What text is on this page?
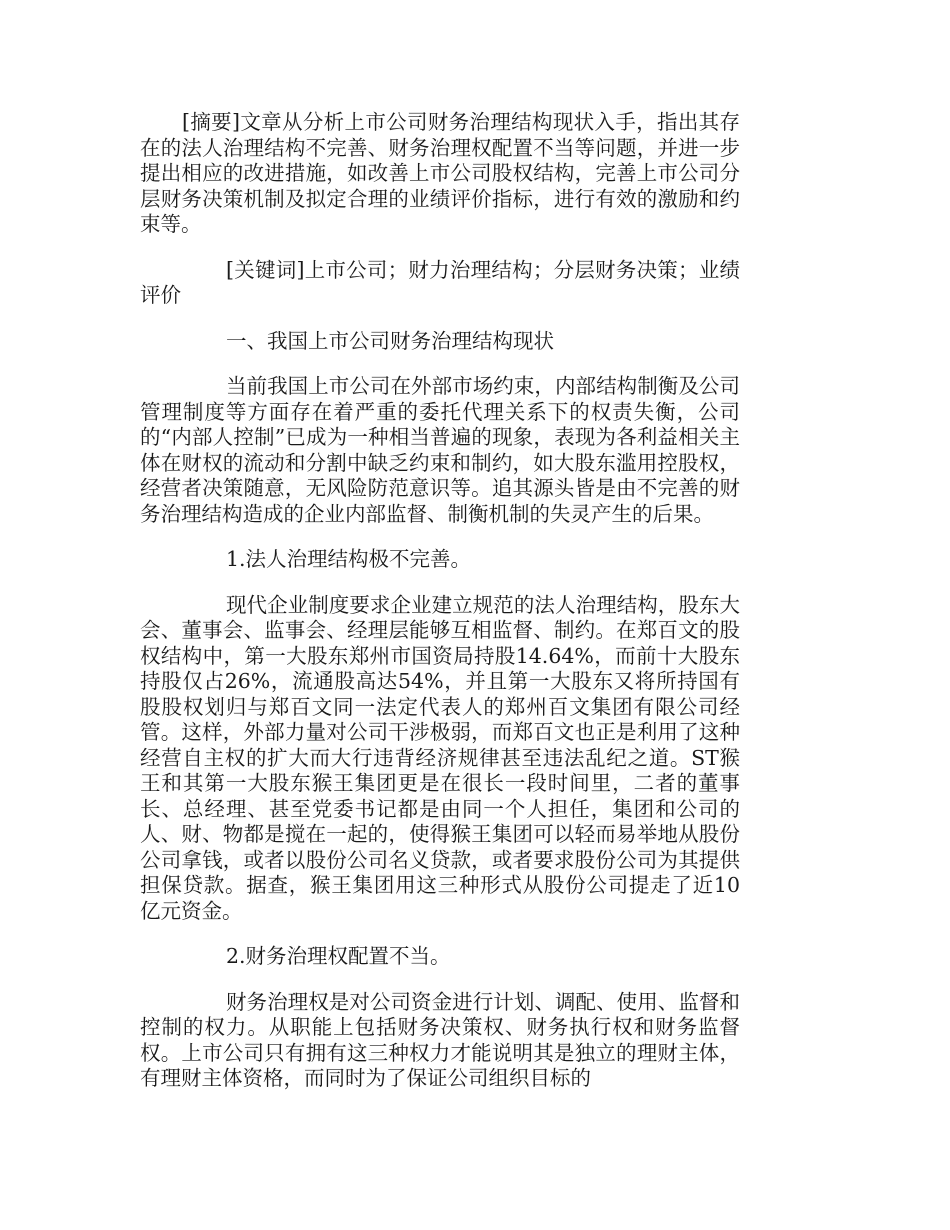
[摘要]文章从分析上市公司财务治理结构现状入手，指出其存在的法人治理结构不完善、财务治理权配置不当等问题，并进一步提出相应的改进措施，如改善上市公司股权结构，完善上市公司分层财务决策机制及拟定合理的业绩评价指标，进行有效的激励和约束等。

[关键词]上市公司；财力治理结构；分层财务决策；业绩评价

一、我国上市公司财务治理结构现状

当前我国上市公司在外部市场约束，内部结构制衡及公司管理制度等方面存在着严重的委托代理关系下的权责失衡，公司的“内部人控制”已成为一种相当普遍的现象，表现为各利益相关主体在财权的流动和分割中缺乏约束和制约，如大股东滥用控股权，经营者决策随意，无风险防范意识等。追其源头皆是由不完善的财务治理结构造成的企业内部监督、制衡机制的失灵产生的后果。

1.法人治理结构极不完善。

现代企业制度要求企业建立规范的法人治理结构，股东大会、董事会、监事会、经理层能够互相监督、制约。在郑百文的股权结构中，第一大股东郑州市国资局持股14.64%，而前十大股东持股仅占26%，流通股高达54%，并且第一大股东又将所持国有股股权划归与郑百文同一法定代表人的郑州百文集团有限公司经管。这样，外部力量对公司干涉极弱，而郑百文也正是利用了这种经营自主权的扩大而大行违背经济规律甚至违法乱纪之道。ST猴王和其第一大股东猴王集团更是在很长一段时间里，二者的董事长、总经理、甚至党委书记都是由同一个人担任，集团和公司的人、财、物都是搅在一起的，使得猴王集团可以轻而易举地从股份公司拿钱，或者以股份公司名义贷款，或者要求股份公司为其提供担保贷款。据查，猴王集团用这三种形式从股份公司提走了近10亿元资金。

2.财务治理权配置不当。

财务治理权是对公司资金进行计划、调配、使用、监督和控制的权力。从职能上包括财务决策权、财务执行权和财务监督权。上市公司只有拥有这三种权力才能说明其是独立的理财主体，有理财主体资格，而同时为了保证公司组织目标的
